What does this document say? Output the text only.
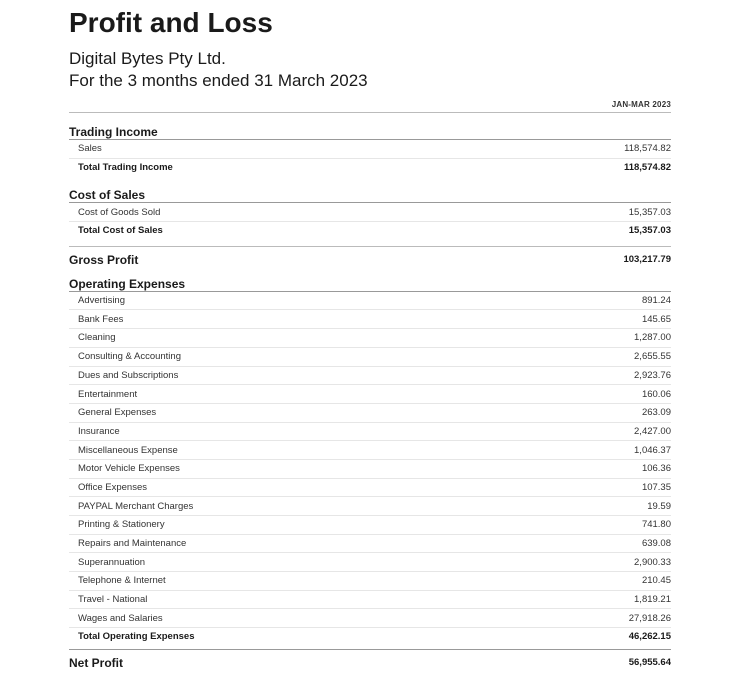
Profit and Loss
Digital Bytes Pty Ltd.
For the 3 months ended 31 March 2023
JAN-MAR 2023
Trading Income
Sales	118,574.82
Total Trading Income	118,574.82
Cost of Sales
Cost of Goods Sold	15,357.03
Total Cost of Sales	15,357.03
Gross Profit	103,217.79
Operating Expenses
Advertising	891.24
Bank Fees	145.65
Cleaning	1,287.00
Consulting & Accounting	2,655.55
Dues and Subscriptions	2,923.76
Entertainment	160.06
General Expenses	263.09
Insurance	2,427.00
Miscellaneous Expense	1,046.37
Motor Vehicle Expenses	106.36
Office Expenses	107.35
PAYPAL Merchant Charges	19.59
Printing & Stationery	741.80
Repairs and Maintenance	639.08
Superannuation	2,900.33
Telephone & Internet	210.45
Travel - National	1,819.21
Wages and Salaries	27,918.26
Total Operating Expenses	46,262.15
Net Profit	56,955.64
